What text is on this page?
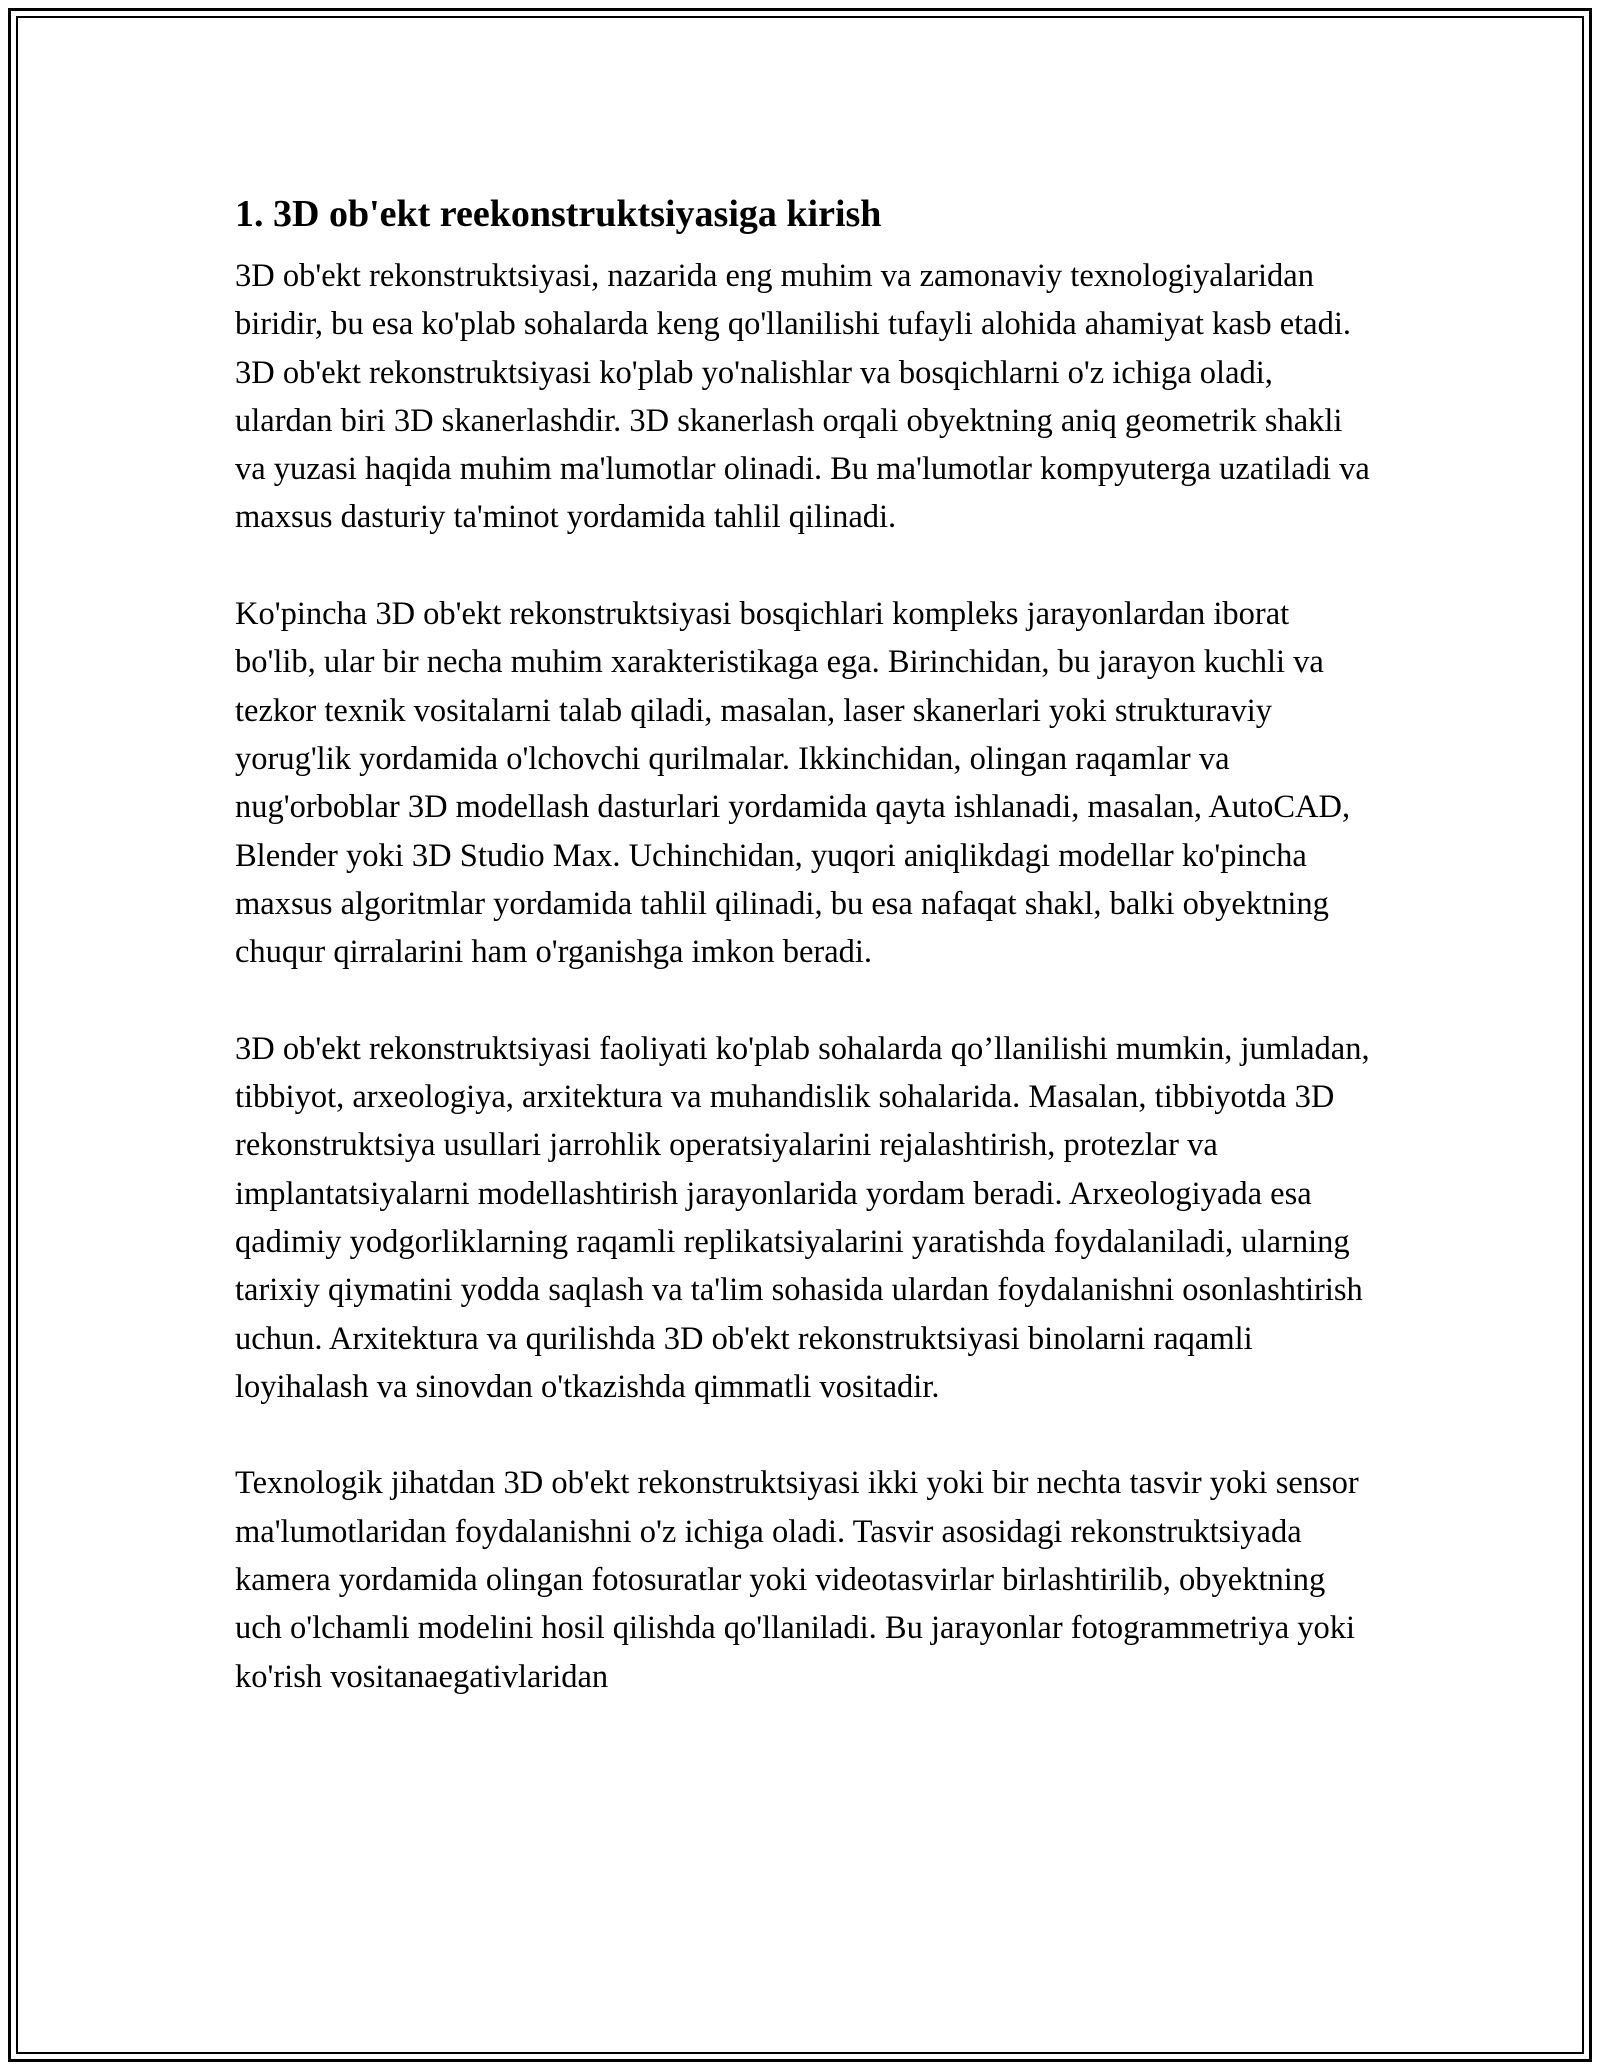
1. 3D ob'ekt reekonstruktsiyasiga kirish

3D ob'ekt rekonstruktsiyasi, nazarida eng muhim va zamonaviy texnologiyalaridan biridir, bu esa ko'plab sohalarda keng qo'llanilishi tufayli alohida ahamiyat kasb etadi. 3D ob'ekt rekonstruktsiyasi ko'plab yo'nalishlar va bosqichlarni o'z ichiga oladi, ulardan biri 3D skanerlashdir. 3D skanerlash orqali obyektning aniq geometrik shakli va yuzasi haqida muhim ma'lumotlar olinadi. Bu ma'lumotlar kompyuterga uzatiladi va maxsus dasturiy ta'minot yordamida tahlil qilinadi.

Ko'pincha 3D ob'ekt rekonstruktsiyasi bosqichlari kompleks jarayonlardan iborat bo'lib, ular bir necha muhim xarakteristikaga ega. Birinchidan, bu jarayon kuchli va tezkor texnik vositalarni talab qiladi, masalan, laser skanerlari yoki strukturaviy yorug'lik yordamida o'lchovchi qurilmalar. Ikkinchidan, olingan raqamlar va nug'orboblar 3D modellash dasturlari yordamida qayta ishlanadi, masalan, AutoCAD, Blender yoki 3D Studio Max. Uchinchidan, yuqori aniqlikdagi modellar ko'pincha maxsus algoritmlar yordamida tahlil qilinadi, bu esa nafaqat shakl, balki obyektning chuqur qirralarini ham o'rganishga imkon beradi.

3D ob'ekt rekonstruktsiyasi faoliyati ko'plab sohalarda qo’llanilishi mumkin, jumladan, tibbiyot, arxeologiya, arxitektura va muhandislik sohalarida. Masalan, tibbiyotda 3D rekonstruktsiya usullari jarrohlik operatsiyalarini rejalashtirish, protezlar va implantatsiyalarni modellashtirish jarayonlarida yordam beradi. Arxeologiyada esa qadimiy yodgorliklarning raqamli replikatsiyalarini yaratishda foydalaniladi, ularning tarixiy qiymatini yodda saqlash va ta'lim sohasida ulardan foydalanishni osonlashtirish uchun. Arxitektura va qurilishda 3D ob'ekt rekonstruktsiyasi binolarni raqamli loyihalash va sinovdan o'tkazishda qimmatli vositadir.

Texnologik jihatdan 3D ob'ekt rekonstruktsiyasi ikki yoki bir nechta tasvir yoki sensor ma'lumotlaridan foydalanishni o'z ichiga oladi. Tasvir asosidagi rekonstruktsiyada kamera yordamida olingan fotosuratlar yoki videotasvirlar birlashtirilib, obyektning uch o'lchamli modelini hosil qilishda qo'llaniladi. Bu jarayonlar fotogrammetriya yoki ko'rish vositanaegativlaridan
